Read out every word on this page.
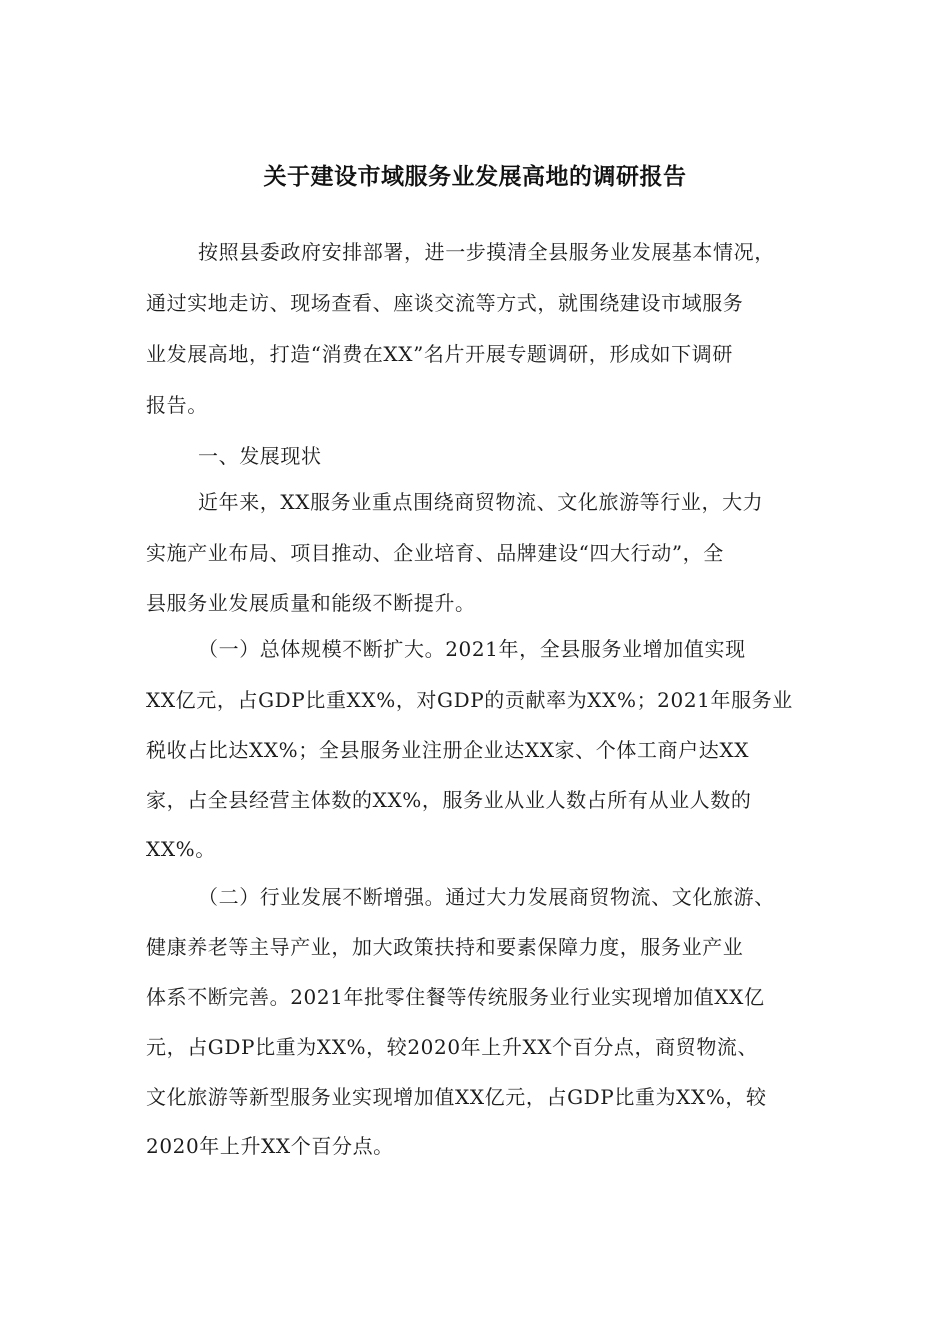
关于建设市域服务业发展高地的调研报告
按照县委政府安排部署，进一步摸清全县服务业发展基本情况，
通过实地走访、现场查看、座谈交流等方式，就围绕建设市域服务
业发展高地，打造“消费在XX”名片开展专题调研，形成如下调研
报告。
一、发展现状
近年来，XX服务业重点围绕商贸物流、文化旅游等行业，大力
实施产业布局、项目推动、企业培育、品牌建设“四大行动”，全
县服务业发展质量和能级不断提升。
（一）总体规模不断扩大。2021年，全县服务业增加值实现
XX亿元，占GDP比重XX%，对GDP的贡献率为XX%；2021年服务业
税收占比达XX%；全县服务业注册企业达XX家、个体工商户达XX
家，占全县经营主体数的XX%，服务业从业人数占所有从业人数的
XX%。
（二）行业发展不断增强。通过大力发展商贸物流、文化旅游、
健康养老等主导产业，加大政策扶持和要素保障力度，服务业产业
体系不断完善。2021年批零住餐等传统服务业行业实现增加值XX亿
元，占GDP比重为XX%，较2020年上升XX个百分点，商贸物流、
文化旅游等新型服务业实现增加值XX亿元，占GDP比重为XX%，较
2020年上升XX个百分点。
